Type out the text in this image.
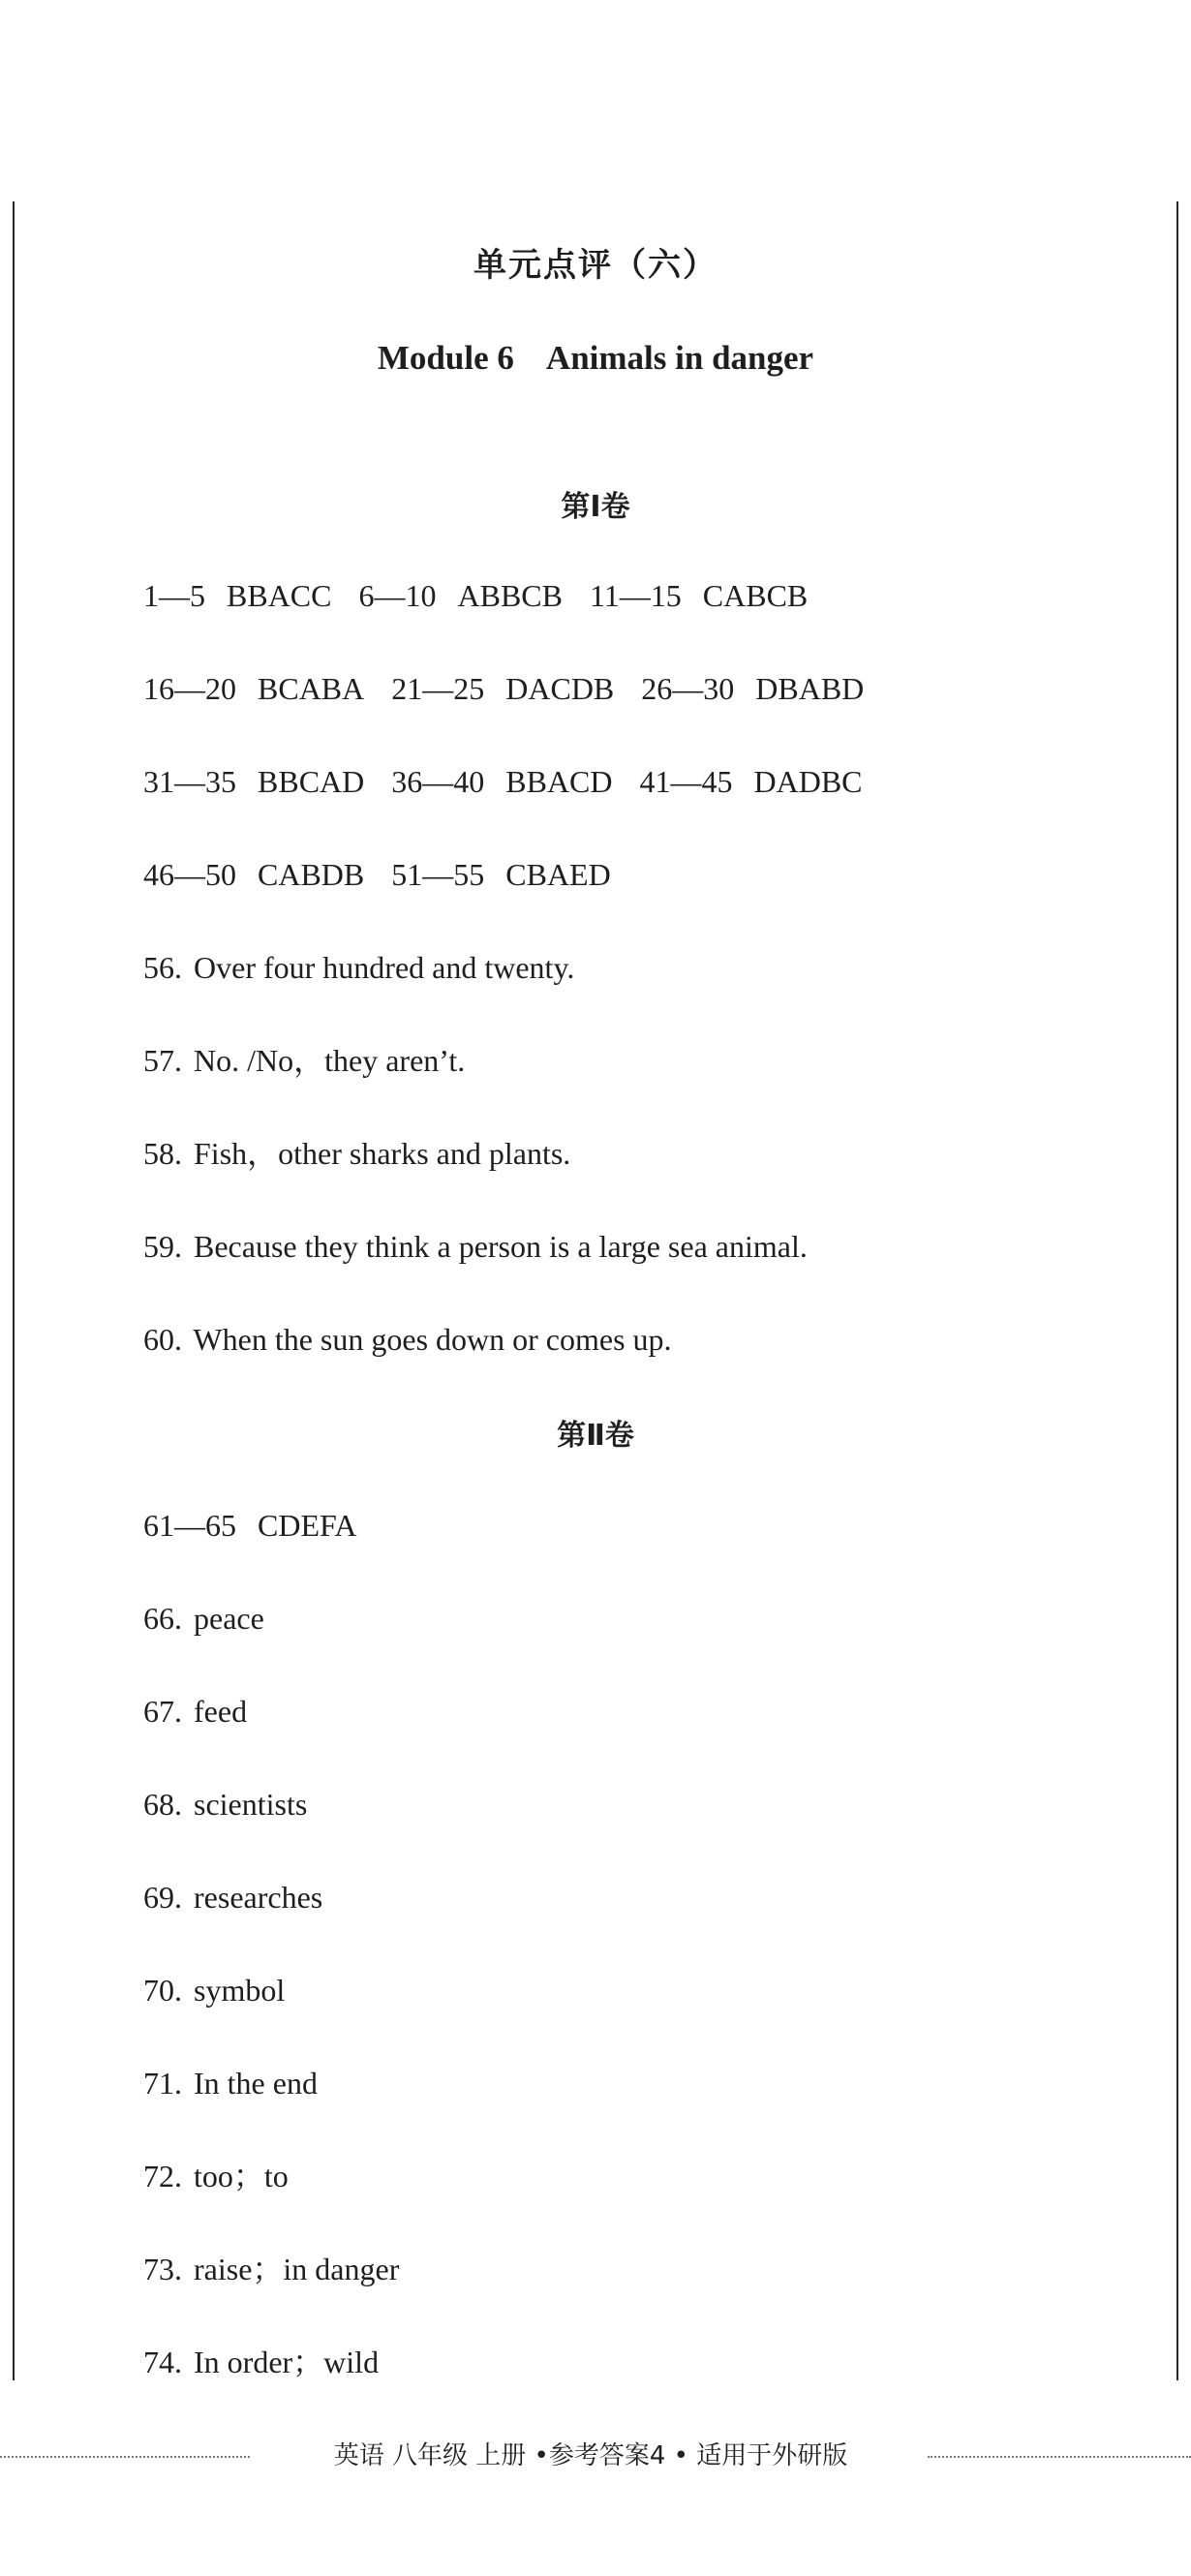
单元点评（六）
Module 6    Animals in danger
第Ⅰ卷
1—5 BBACC 6—10 ABBCB 11—15 CABCB
16—20 BCABA 21—25 DACDB 26—30 DBABD
31—35 BBCAD 36—40 BBACD 41—45 DADBC
46—50 CABDB 51—55 CBAED
56. Over four hundred and twenty.
57. No. /No，they aren’t.
58. Fish，other sharks and plants.
59. Because they think a person is a large sea animal.
60. When the sun goes down or comes up.
第Ⅱ卷
61—65 CDEFA
66. peace
67. feed
68. scientists
69. researches
70. symbol
71. In the end
72. too；to
73. raise；in danger
74. In order；wild
英语 八年级 上册 •参考答案4 • 适用于外研版
